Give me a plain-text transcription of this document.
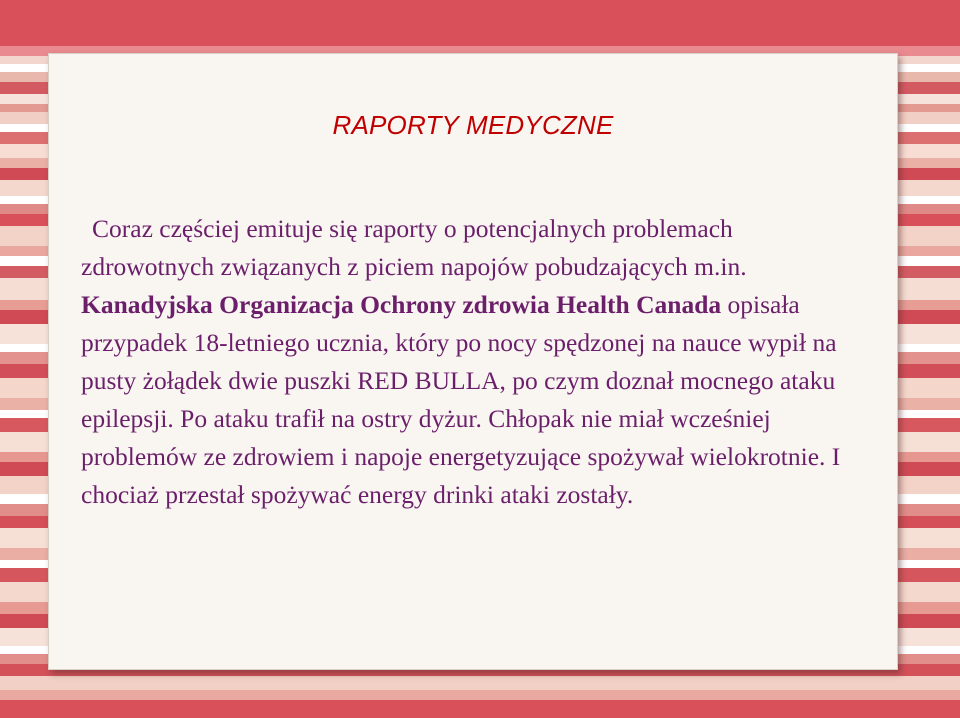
RAPORTY MEDYCZNE

Coraz częściej emituje się raporty o potencjalnych problemach zdrowotnych związanych z piciem napojów pobudzających m.in. Kanadyjska Organizacja Ochrony zdrowia Health Canada opisała przypadek 18-letniego ucznia, który po nocy spędzonej na nauce wypił na pusty żołądek dwie puszki RED BULLA, po czym doznał mocnego ataku epilepsji. Po ataku trafił na ostry dyżur. Chłopak nie miał wcześniej problemów ze zdrowiem i napoje energetyzujące spożywał wielokrotnie. I chociaż przestał spożywać energy drinki ataki zostały.
